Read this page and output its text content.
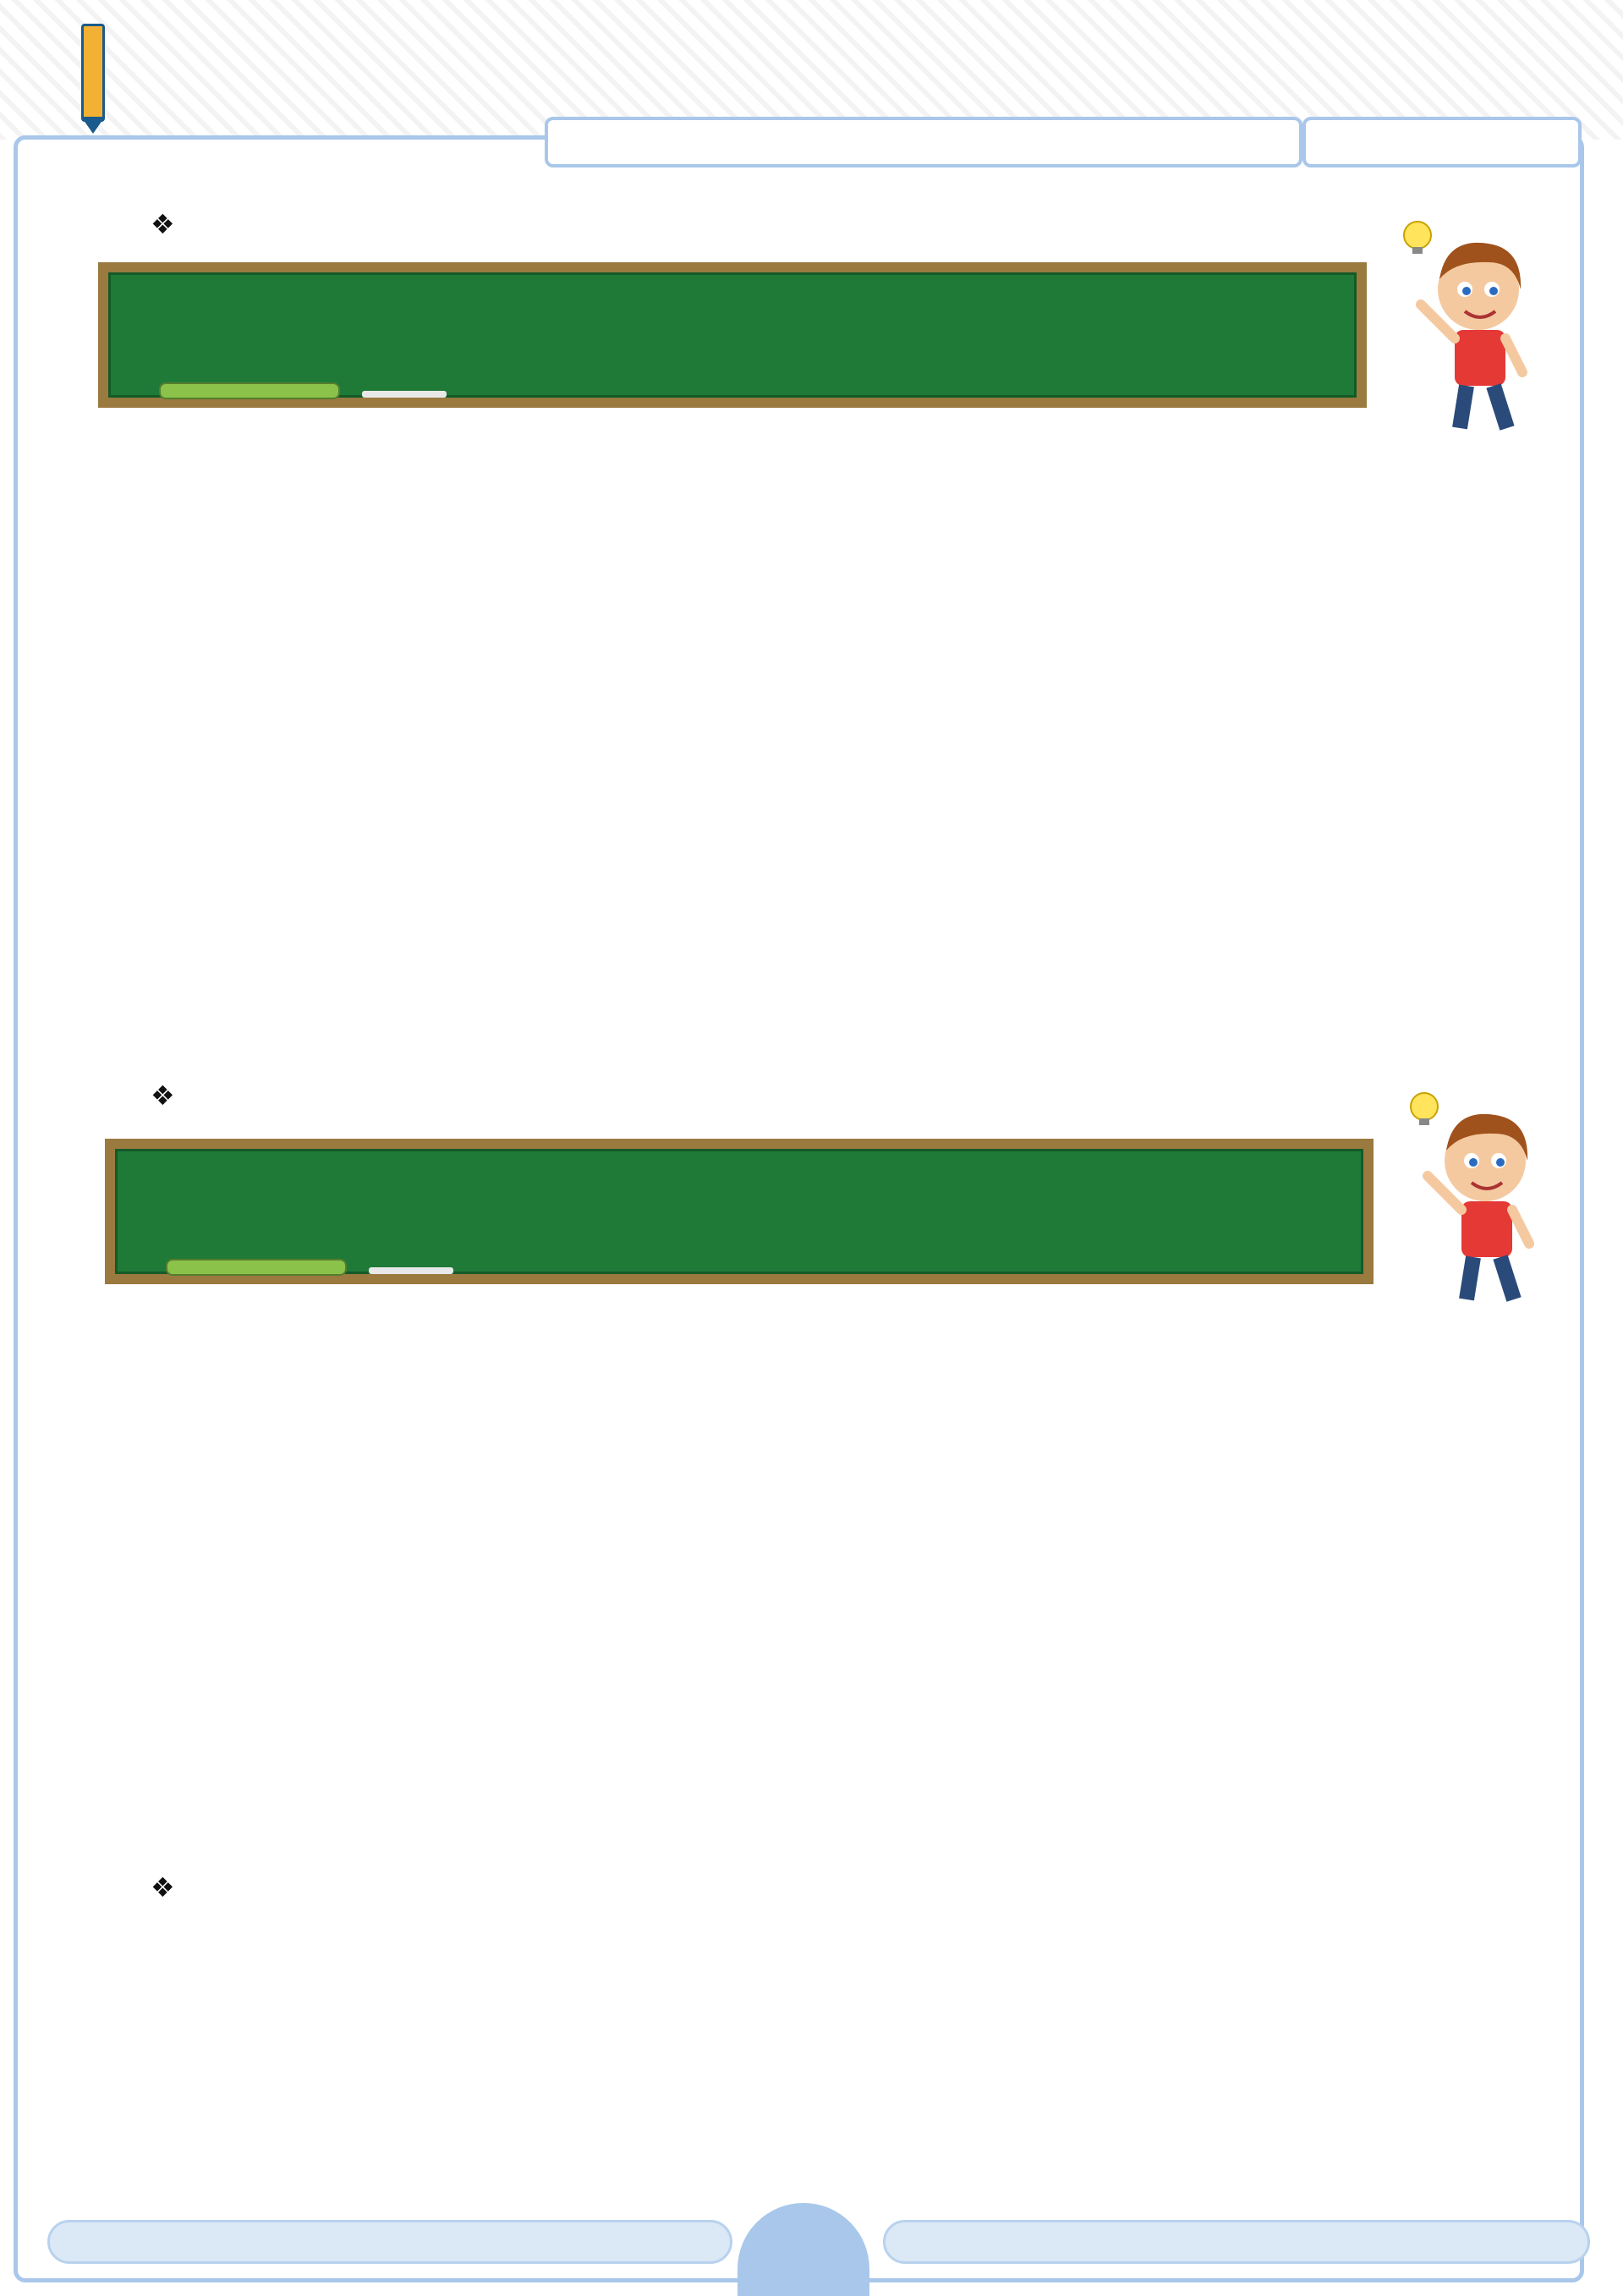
❖
❖
❖
